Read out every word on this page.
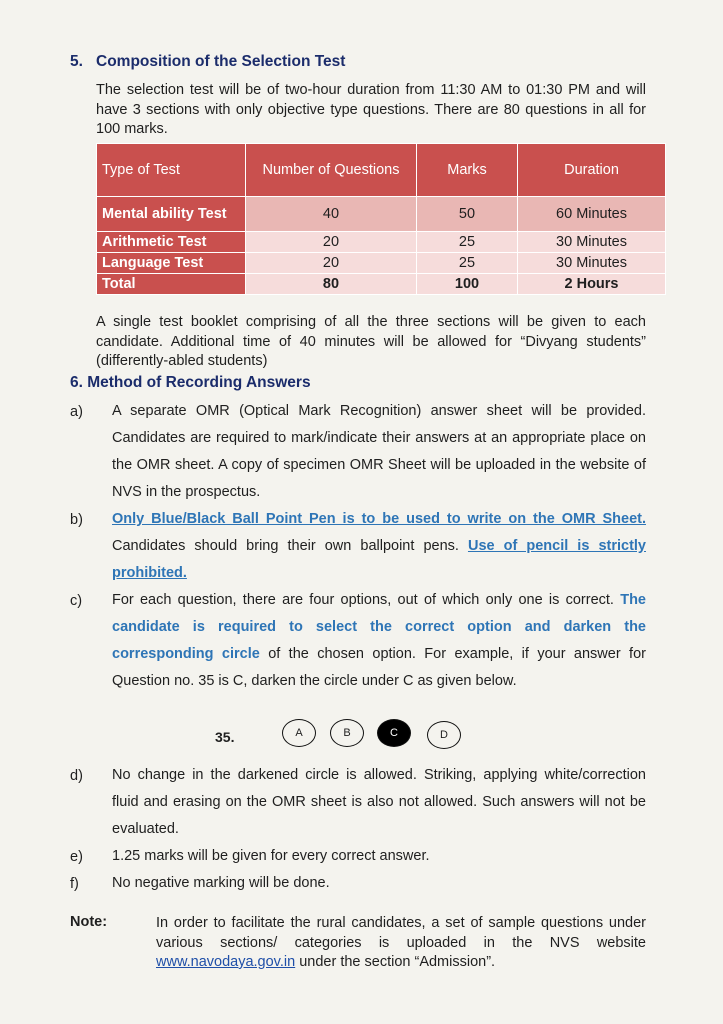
5. Composition of the Selection Test
The selection test will be of two-hour duration from 11:30 AM to 01:30 PM and will have 3 sections with only objective type questions. There are 80 questions in all for 100 marks.
Type of Test	Number of Questions	Marks	Duration
Mental ability Test	40	50	60 Minutes
Arithmetic Test	20	25	30 Minutes
Language Test	20	25	30 Minutes
Total	80	100	2 Hours
A single test booklet comprising of all the three sections will be given to each candidate. Additional time of 40 minutes will be allowed for “Divyang students” (differently-abled students)
6. Method of Recording Answers
a) A separate OMR (Optical Mark Recognition) answer sheet will be provided. Candidates are required to mark/indicate their answers at an appropriate place on the OMR sheet. A copy of specimen OMR Sheet will be uploaded in the website of NVS in the prospectus.
b) Only Blue/Black Ball Point Pen is to be used to write on the OMR Sheet. Candidates should bring their own ballpoint pens. Use of pencil is strictly prohibited.
c) For each question, there are four options, out of which only one is correct. The candidate is required to select the correct option and darken the corresponding circle of the chosen option. For example, if your answer for Question no. 35 is C, darken the circle under C as given below.
35.	A	B	C	D
d) No change in the darkened circle is allowed. Striking, applying white/correction fluid and erasing on the OMR sheet is also not allowed. Such answers will not be evaluated.
e) 1.25 marks will be given for every correct answer.
f) No negative marking will be done.
Note:	In order to facilitate the rural candidates, a set of sample questions under various sections/ categories is uploaded in the NVS website www.navodaya.gov.in under the section “Admission”.
